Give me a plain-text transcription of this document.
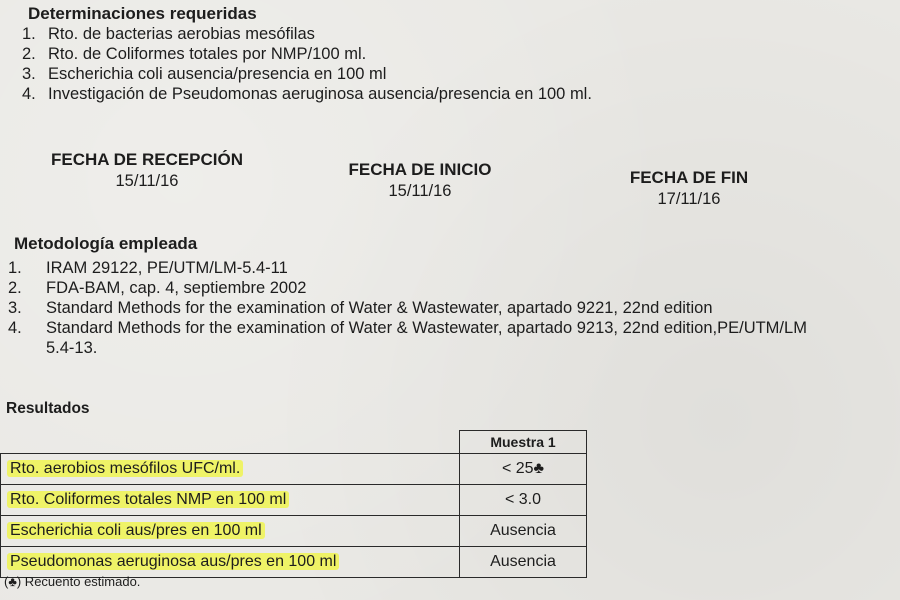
Determinaciones requeridas
1. Rto. de bacterias aerobias mesófilas
2. Rto. de Coliformes totales por NMP/100 ml.
3. Escherichia coli ausencia/presencia en 100 ml
4. Investigación de Pseudomonas aeruginosa ausencia/presencia en 100 ml.
FECHA DE RECEPCIÓN
15/11/16
FECHA DE INICIO
15/11/16
FECHA DE FIN
17/11/16
Metodología empleada
1. IRAM 29122, PE/UTM/LM-5.4-11
2. FDA-BAM, cap. 4, septiembre 2002
3. Standard Methods for the examination of Water & Wastewater, apartado 9221, 22nd edition
4. Standard Methods for the examination of Water & Wastewater, apartado 9213, 22nd edition,PE/UTM/LM
5.4-13.
Resultados
	Muestra 1
Rto. aerobios mesófilos UFC/ml.	< 25♣
Rto. Coliformes totales NMP en 100 ml	< 3.0
Escherichia coli aus/pres en 100 ml	Ausencia
Pseudomonas aeruginosa aus/pres en 100 ml	Ausencia
(♣) Recuento estimado.
